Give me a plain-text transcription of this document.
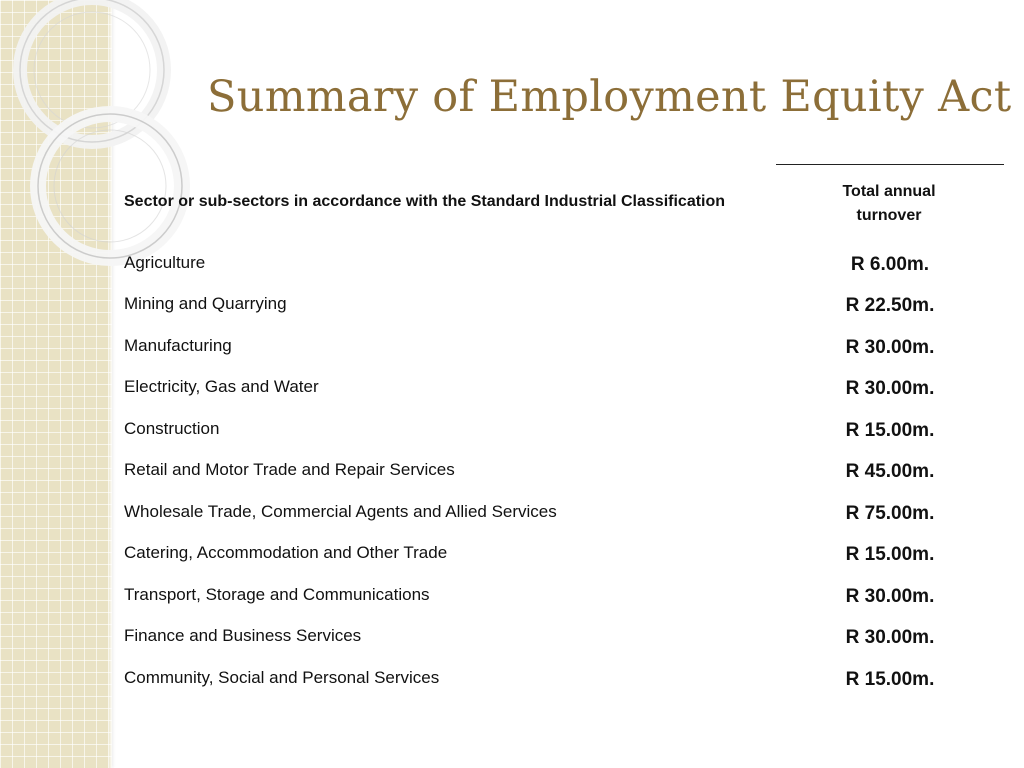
Summary of Employment Equity Act
Sector or sub-sectors in accordance with the Standard Industrial Classification
Total annual
turnover
Agriculture	R 6.00m.
Mining and Quarrying	R 22.50m.
Manufacturing	R 30.00m.
Electricity, Gas and Water	R 30.00m.
Construction	R 15.00m.
Retail and Motor Trade and Repair Services	R 45.00m.
Wholesale Trade, Commercial Agents and Allied Services	R 75.00m.
Catering, Accommodation and Other Trade	R 15.00m.
Transport, Storage and Communications	R 30.00m.
Finance and Business Services	R 30.00m.
Community, Social and Personal Services	R 15.00m.
